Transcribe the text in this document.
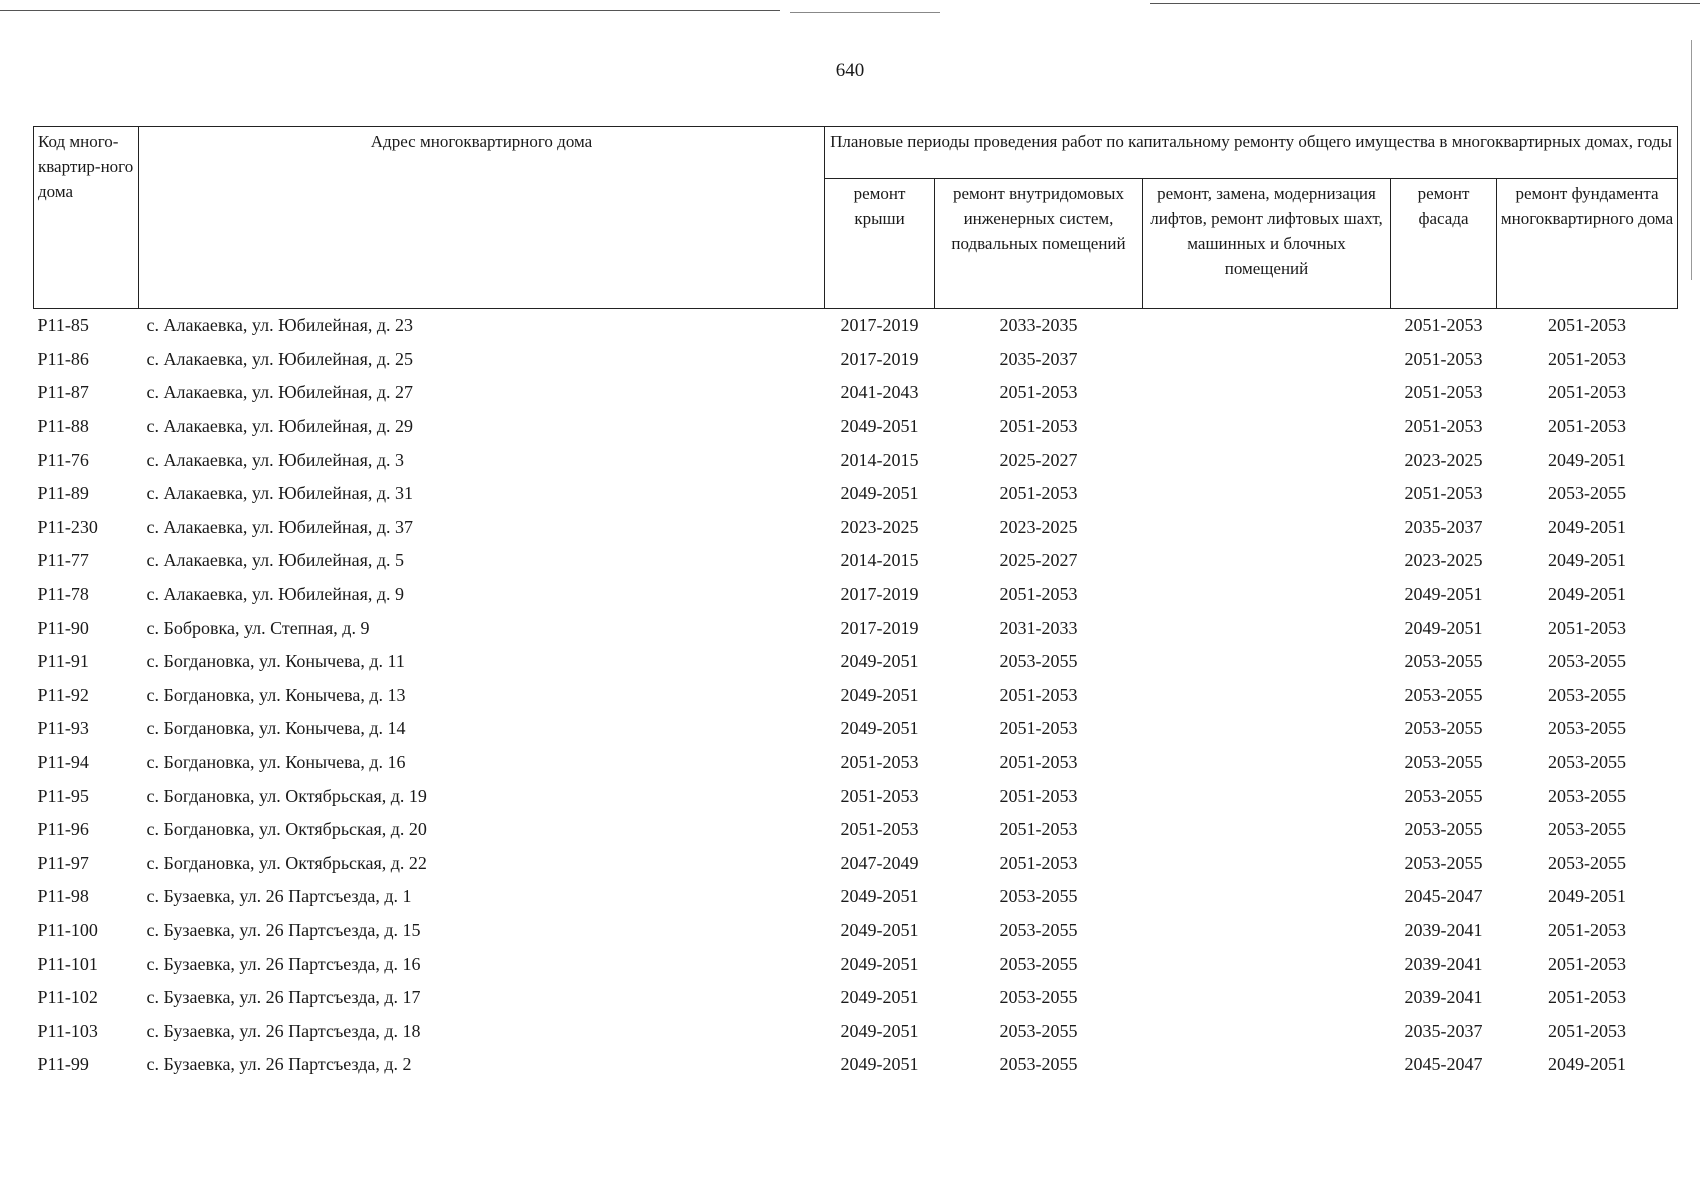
640
Код много-квартир-ного дома	Адрес многоквартирного дома	Плановые периоды проведения работ по капитальному ремонту общего имущества в многоквартирных домах, годы				
		ремонт крыши	ремонт внутридомовых инженерных систем, подвальных помещений	ремонт, замена, модернизация лифтов, ремонт лифтовых шахт, машинных и блочных помещений	ремонт фасада	ремонт фундамента многоквартирного дома
Р11-85	с. Алакаевка, ул. Юбилейная, д. 23	2017-2019	2033-2035		2051-2053	2051-2053
Р11-86	с. Алакаевка, ул. Юбилейная, д. 25	2017-2019	2035-2037		2051-2053	2051-2053
Р11-87	с. Алакаевка, ул. Юбилейная, д. 27	2041-2043	2051-2053		2051-2053	2051-2053
Р11-88	с. Алакаевка, ул. Юбилейная, д. 29	2049-2051	2051-2053		2051-2053	2051-2053
Р11-76	с. Алакаевка, ул. Юбилейная, д. 3	2014-2015	2025-2027		2023-2025	2049-2051
Р11-89	с. Алакаевка, ул. Юбилейная, д. 31	2049-2051	2051-2053		2051-2053	2053-2055
Р11-230	с. Алакаевка, ул. Юбилейная, д. 37	2023-2025	2023-2025		2035-2037	2049-2051
Р11-77	с. Алакаевка, ул. Юбилейная, д. 5	2014-2015	2025-2027		2023-2025	2049-2051
Р11-78	с. Алакаевка, ул. Юбилейная, д. 9	2017-2019	2051-2053		2049-2051	2049-2051
Р11-90	с. Бобровка, ул. Степная, д. 9	2017-2019	2031-2033		2049-2051	2051-2053
Р11-91	с. Богдановка, ул. Конычева, д. 11	2049-2051	2053-2055		2053-2055	2053-2055
Р11-92	с. Богдановка, ул. Конычева, д. 13	2049-2051	2051-2053		2053-2055	2053-2055
Р11-93	с. Богдановка, ул. Конычева, д. 14	2049-2051	2051-2053		2053-2055	2053-2055
Р11-94	с. Богдановка, ул. Конычева, д. 16	2051-2053	2051-2053		2053-2055	2053-2055
Р11-95	с. Богдановка, ул. Октябрьская, д. 19	2051-2053	2051-2053		2053-2055	2053-2055
Р11-96	с. Богдановка, ул. Октябрьская, д. 20	2051-2053	2051-2053		2053-2055	2053-2055
Р11-97	с. Богдановка, ул. Октябрьская, д. 22	2047-2049	2051-2053		2053-2055	2053-2055
Р11-98	с. Бузаевка, ул. 26 Партсъезда, д. 1	2049-2051	2053-2055		2045-2047	2049-2051
Р11-100	с. Бузаевка, ул. 26 Партсъезда, д. 15	2049-2051	2053-2055		2039-2041	2051-2053
Р11-101	с. Бузаевка, ул. 26 Партсъезда, д. 16	2049-2051	2053-2055		2039-2041	2051-2053
Р11-102	с. Бузаевка, ул. 26 Партсъезда, д. 17	2049-2051	2053-2055		2039-2041	2051-2053
Р11-103	с. Бузаевка, ул. 26 Партсъезда, д. 18	2049-2051	2053-2055		2035-2037	2051-2053
Р11-99	с. Бузаевка, ул. 26 Партсъезда, д. 2	2049-2051	2053-2055		2045-2047	2049-2051
